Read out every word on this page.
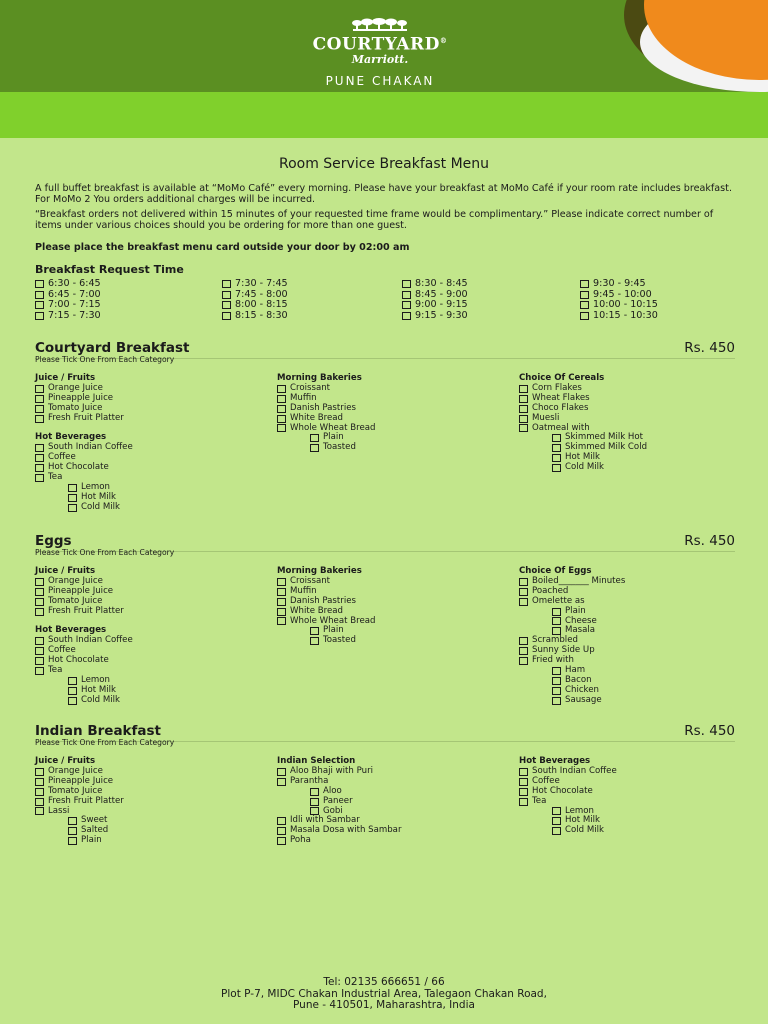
COURTYARD®
Marriott.
PUNE CHAKAN
Room Service Breakfast Menu

A full buffet breakfast is available at “MoMo Café” every morning. Please have your breakfast at MoMo Café if your room rate includes breakfast. For MoMo 2 You orders additional charges will be incurred.

“Breakfast orders not delivered within 15 minutes of your requested time frame would be complimentary.” Please indicate correct number of items under various choices should you be ordering for more than one guest.

Please place the breakfast menu card outside your door by 02:00 am

Breakfast Request Time
6:30 - 6:45
6:45 - 7:00
7:00 - 7:15
7:15 - 7:30
7:30 - 7:45
7:45 - 8:00
8:00 - 8:15
8:15 - 8:30
8:30 - 8:45
8:45 - 9:00
9:00 - 9:15
9:15 - 9:30
9:30 - 9:45
9:45 - 10:00
10:00 - 10:15
10:15 - 10:30
Courtyard Breakfast	Rs. 450
Please Tick One From Each Category
Juice / Fruits
Orange Juice
Pineapple Juice
Tomato Juice
Fresh Fruit Platter
Hot Beverages
South Indian Coffee
Coffee
Hot Chocolate
Tea
Lemon
Hot Milk
Cold Milk
Morning Bakeries
Croissant
Muffin
Danish Pastries
White Bread
Whole Wheat Bread
Plain
Toasted
Choice Of Cereals
Corn Flakes
Wheat Flakes
Choco Flakes
Muesli
Oatmeal with
Skimmed Milk Hot
Skimmed Milk Cold
Hot Milk
Cold Milk
Eggs	Rs. 450
Please Tick One From Each Category
Juice / Fruits
Orange Juice
Pineapple Juice
Tomato Juice
Fresh Fruit Platter
Hot Beverages
South Indian Coffee
Coffee
Hot Chocolate
Tea
Lemon
Hot Milk
Cold Milk
Morning Bakeries
Croissant
Muffin
Danish Pastries
White Bread
Whole Wheat Bread
Plain
Toasted
Choice Of Eggs
Boiled_______ Minutes
Poached
Omelette as
Plain
Cheese
Masala
Scrambled
Sunny Side Up
Fried with
Ham
Bacon
Chicken
Sausage
Indian Breakfast	Rs. 450
Please Tick One From Each Category
Juice / Fruits
Orange Juice
Pineapple Juice
Tomato Juice
Fresh Fruit Platter
Lassi
Sweet
Salted
Plain
Indian Selection
Aloo Bhaji with Puri
Parantha
Aloo
Paneer
Gobi
Idli with Sambar
Masala Dosa with Sambar
Poha
Hot Beverages
South Indian Coffee
Coffee
Hot Chocolate
Tea
Lemon
Hot Milk
Cold Milk
Tel: 02135 666651 / 66
Plot P-7, MIDC Chakan Industrial Area, Talegaon Chakan Road,
Pune - 410501, Maharashtra, India
